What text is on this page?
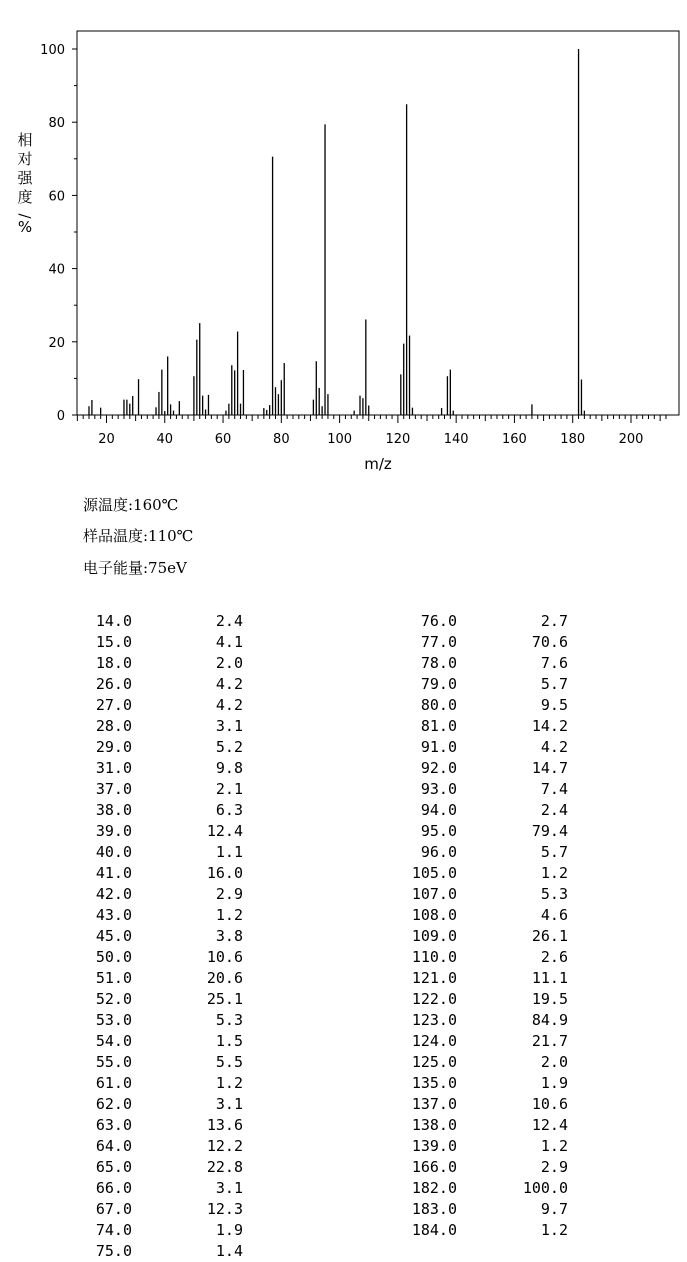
0
20
40
60
80
100
20	40	60	80	100	120	140	160	180	200
m/z
相
对
强
度
/
%
源温度:160℃
样品温度:110℃
电子能量:75eV
14.0	2.4
15.0	4.1
18.0	2.0
26.0	4.2
27.0	4.2
28.0	3.1
29.0	5.2
31.0	9.8
37.0	2.1
38.0	6.3
39.0	12.4
40.0	1.1
41.0	16.0
42.0	2.9
43.0	1.2
45.0	3.8
50.0	10.6
51.0	20.6
52.0	25.1
53.0	5.3
54.0	1.5
55.0	5.5
61.0	1.2
62.0	3.1
63.0	13.6
64.0	12.2
65.0	22.8
66.0	3.1
67.0	12.3
74.0	1.9
75.0	1.4
76.0	2.7
77.0	70.6
78.0	7.6
79.0	5.7
80.0	9.5
81.0	14.2
91.0	4.2
92.0	14.7
93.0	7.4
94.0	2.4
95.0	79.4
96.0	5.7
105.0	1.2
107.0	5.3
108.0	4.6
109.0	26.1
110.0	2.6
121.0	11.1
122.0	19.5
123.0	84.9
124.0	21.7
125.0	2.0
135.0	1.9
137.0	10.6
138.0	12.4
139.0	1.2
166.0	2.9
182.0	100.0
183.0	9.7
184.0	1.2
